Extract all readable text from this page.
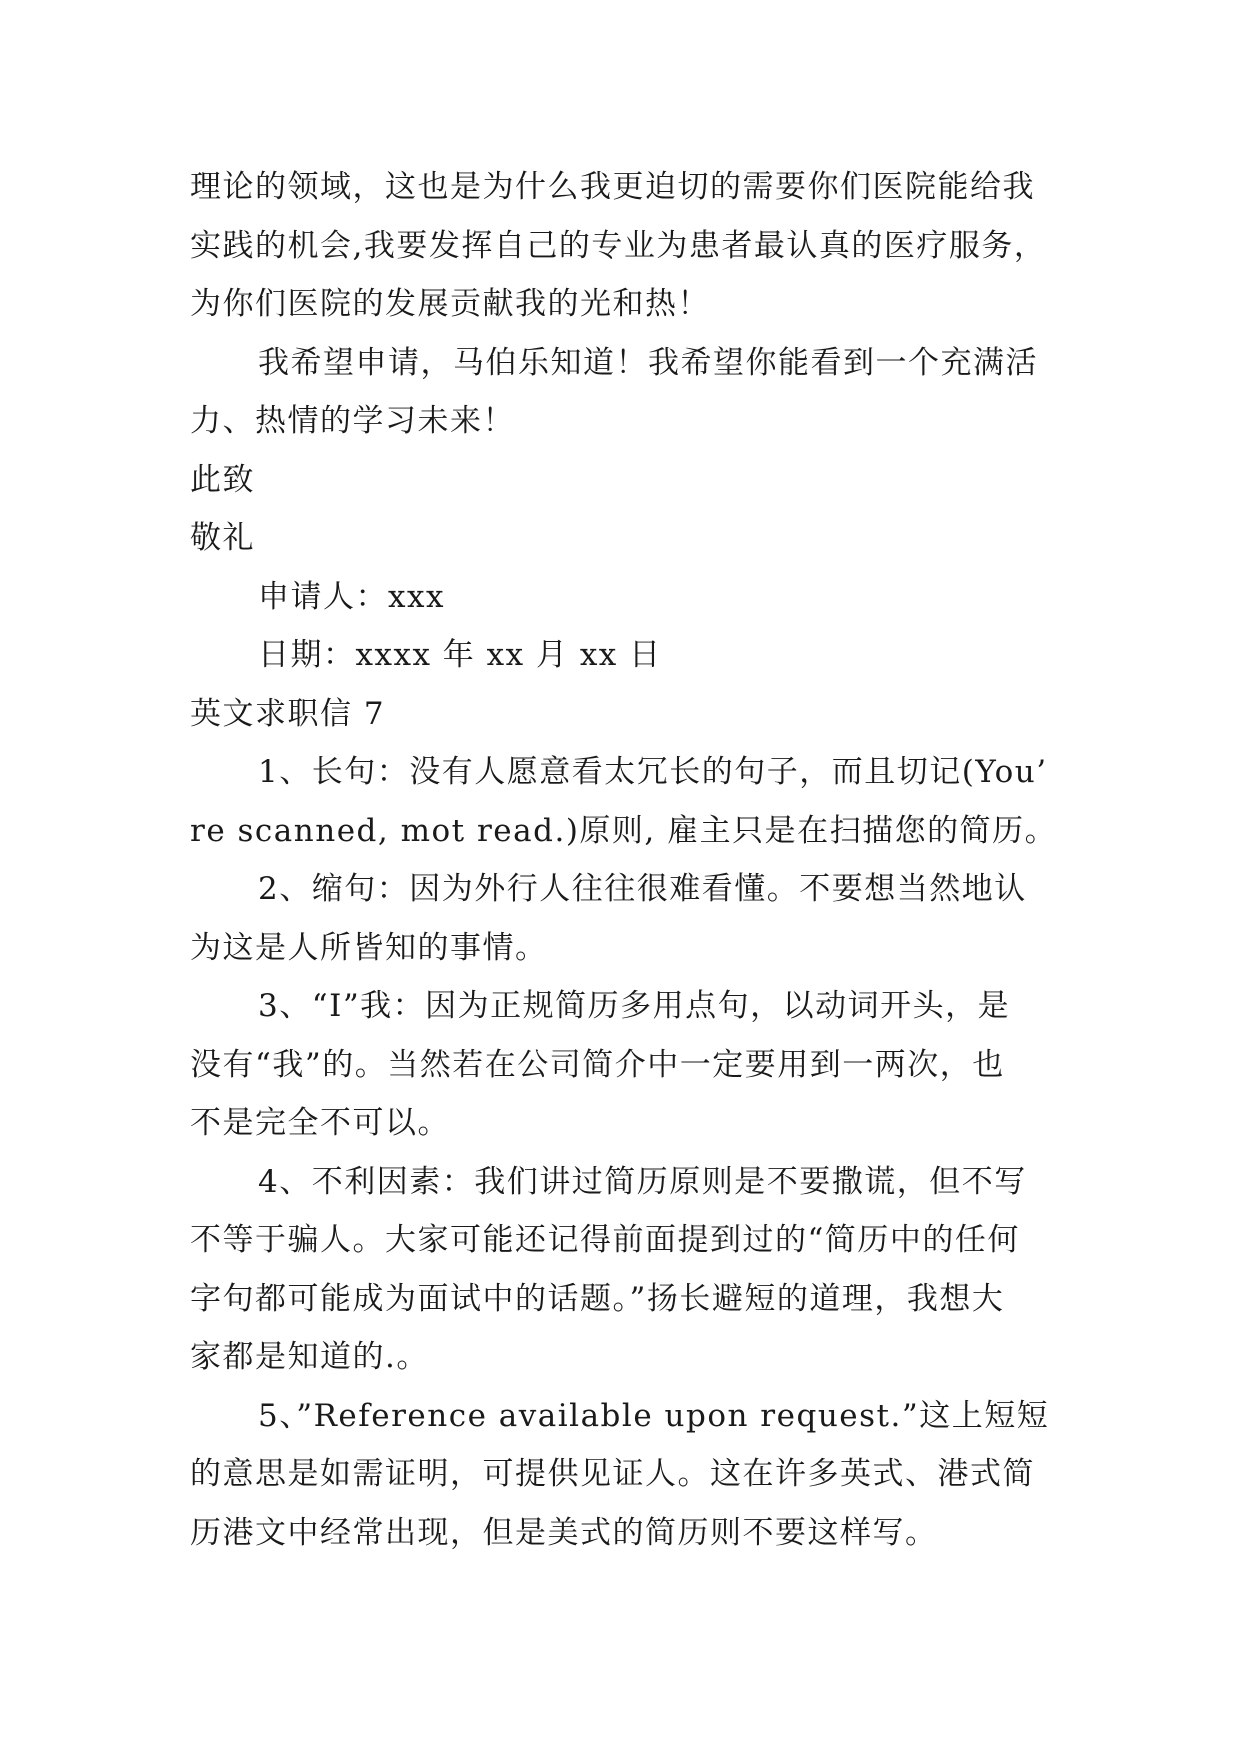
理论的领域，这也是为什么我更迫切的需要你们医院能给我
实践的机会,我要发挥自己的专业为患者最认真的医疗服务，
为你们医院的发展贡献我的光和热！
我希望申请，马伯乐知道！我希望你能看到一个充满活
力、热情的学习未来！
此致
敬礼
申请人：xxx
日期：xxxx 年 xx 月 xx 日
英文求职信 7
1、长句：没有人愿意看太冗长的句子，而且切记(You’
re scanned, mot read.)原则, 雇主只是在扫描您的简历。
2、缩句：因为外行人往往很难看懂。不要想当然地认
为这是人所皆知的事情。
3、“I”我：因为正规简历多用点句，以动词开头，是
没有“我”的。当然若在公司简介中一定要用到一两次，也
不是完全不可以。
4、不利因素：我们讲过简历原则是不要撒谎，但不写
不等于骗人。大家可能还记得前面提到过的“简历中的任何
字句都可能成为面试中的话题。”扬长避短的道理，我想大
家都是知道的.。
5、”Reference available upon request.”这上短短
的意思是如需证明，可提供见证人。这在许多英式、港式简
历港文中经常出现，但是美式的简历则不要这样写。
